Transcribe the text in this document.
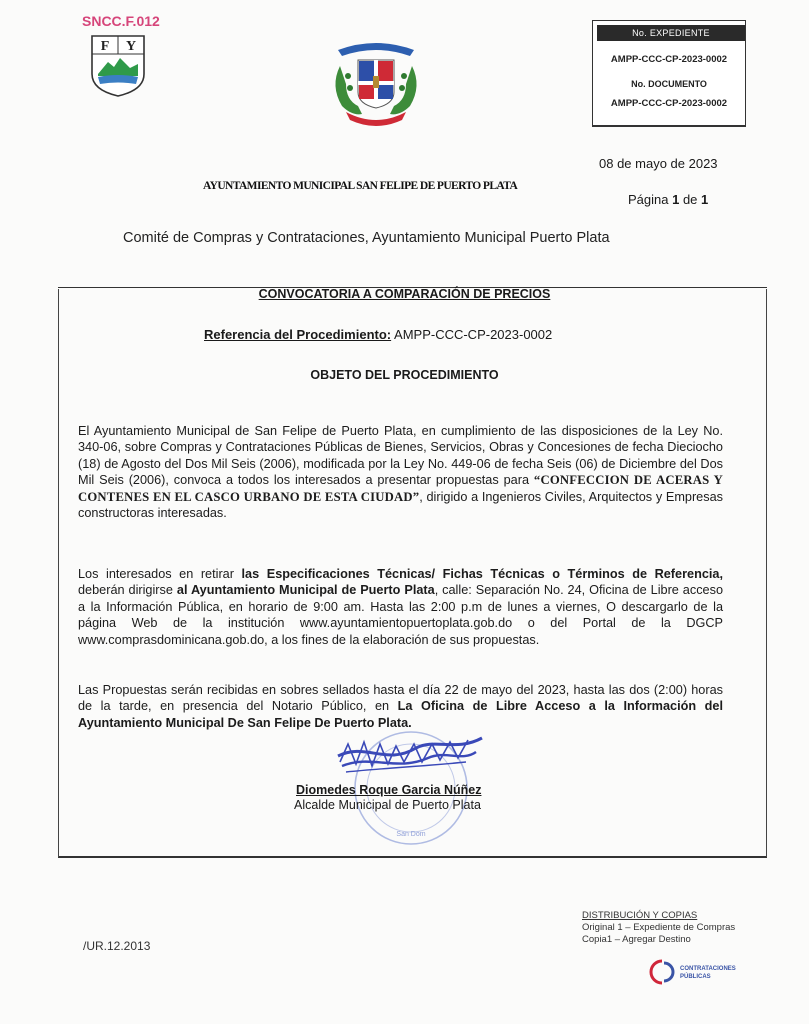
SNCC.F.012
F Y
No. EXPEDIENTE
AMPP-CCC-CP-2023-0002
No. DOCUMENTO
AMPP-CCC-CP-2023-0002
08 de mayo de 2023
AYUNTAMIENTO MUNICIPAL SAN FELIPE DE PUERTO PLATA
Página 1 de 1
Comité de Compras y Contrataciones, Ayuntamiento Municipal Puerto Plata
CONVOCATORIA A COMPARACIÓN DE PRECIOS
Referencia del Procedimiento: AMPP-CCC-CP-2023-0002
OBJETO DEL PROCEDIMIENTO
El Ayuntamiento Municipal de San Felipe de Puerto Plata, en cumplimiento de las disposiciones de la Ley No. 340-06, sobre Compras y Contrataciones Públicas de Bienes, Servicios, Obras y Concesiones de fecha Dieciocho (18) de Agosto del Dos Mil Seis (2006), modificada por la Ley No. 449-06 de fecha Seis (06) de Diciembre del Dos Mil Seis (2006), convoca a todos los interesados a presentar propuestas para “CONFECCION DE ACERAS Y CONTENES EN EL CASCO URBANO DE ESTA CIUDAD”, dirigido a Ingenieros Civiles, Arquitectos y Empresas constructoras interesadas.
Los interesados en retirar las Especificaciones Técnicas/ Fichas Técnicas o Términos de Referencia, deberán dirigirse al Ayuntamiento Municipal de Puerto Plata, calle: Separación No. 24, Oficina de Libre acceso a la Información Pública, en horario de 9:00 am. Hasta las 2:00 p.m de lunes a viernes, O descargarlo de la página Web de la institución www.ayuntamientopuertoplata.gob.do o del Portal de la DGCP www.comprasdominicana.gob.do, a los fines de la elaboración de sus propuestas.
Las Propuestas serán recibidas en sobres sellados hasta el día 22 de mayo del 2023, hasta las dos (2:00) horas de la tarde, en presencia del Notario Público, en La Oficina de Libre Acceso a la Información del Ayuntamiento Municipal De San Felipe De Puerto Plata.
San Dom
Diomedes Roque Garcia Núñez
Alcalde Municipal de Puerto Plata
/UR.12.2013
DISTRIBUCIÓN Y COPIAS
Original 1 – Expediente de Compras
Copia1 – Agregar Destino
CONTRATACIONES
PÚBLICAS
